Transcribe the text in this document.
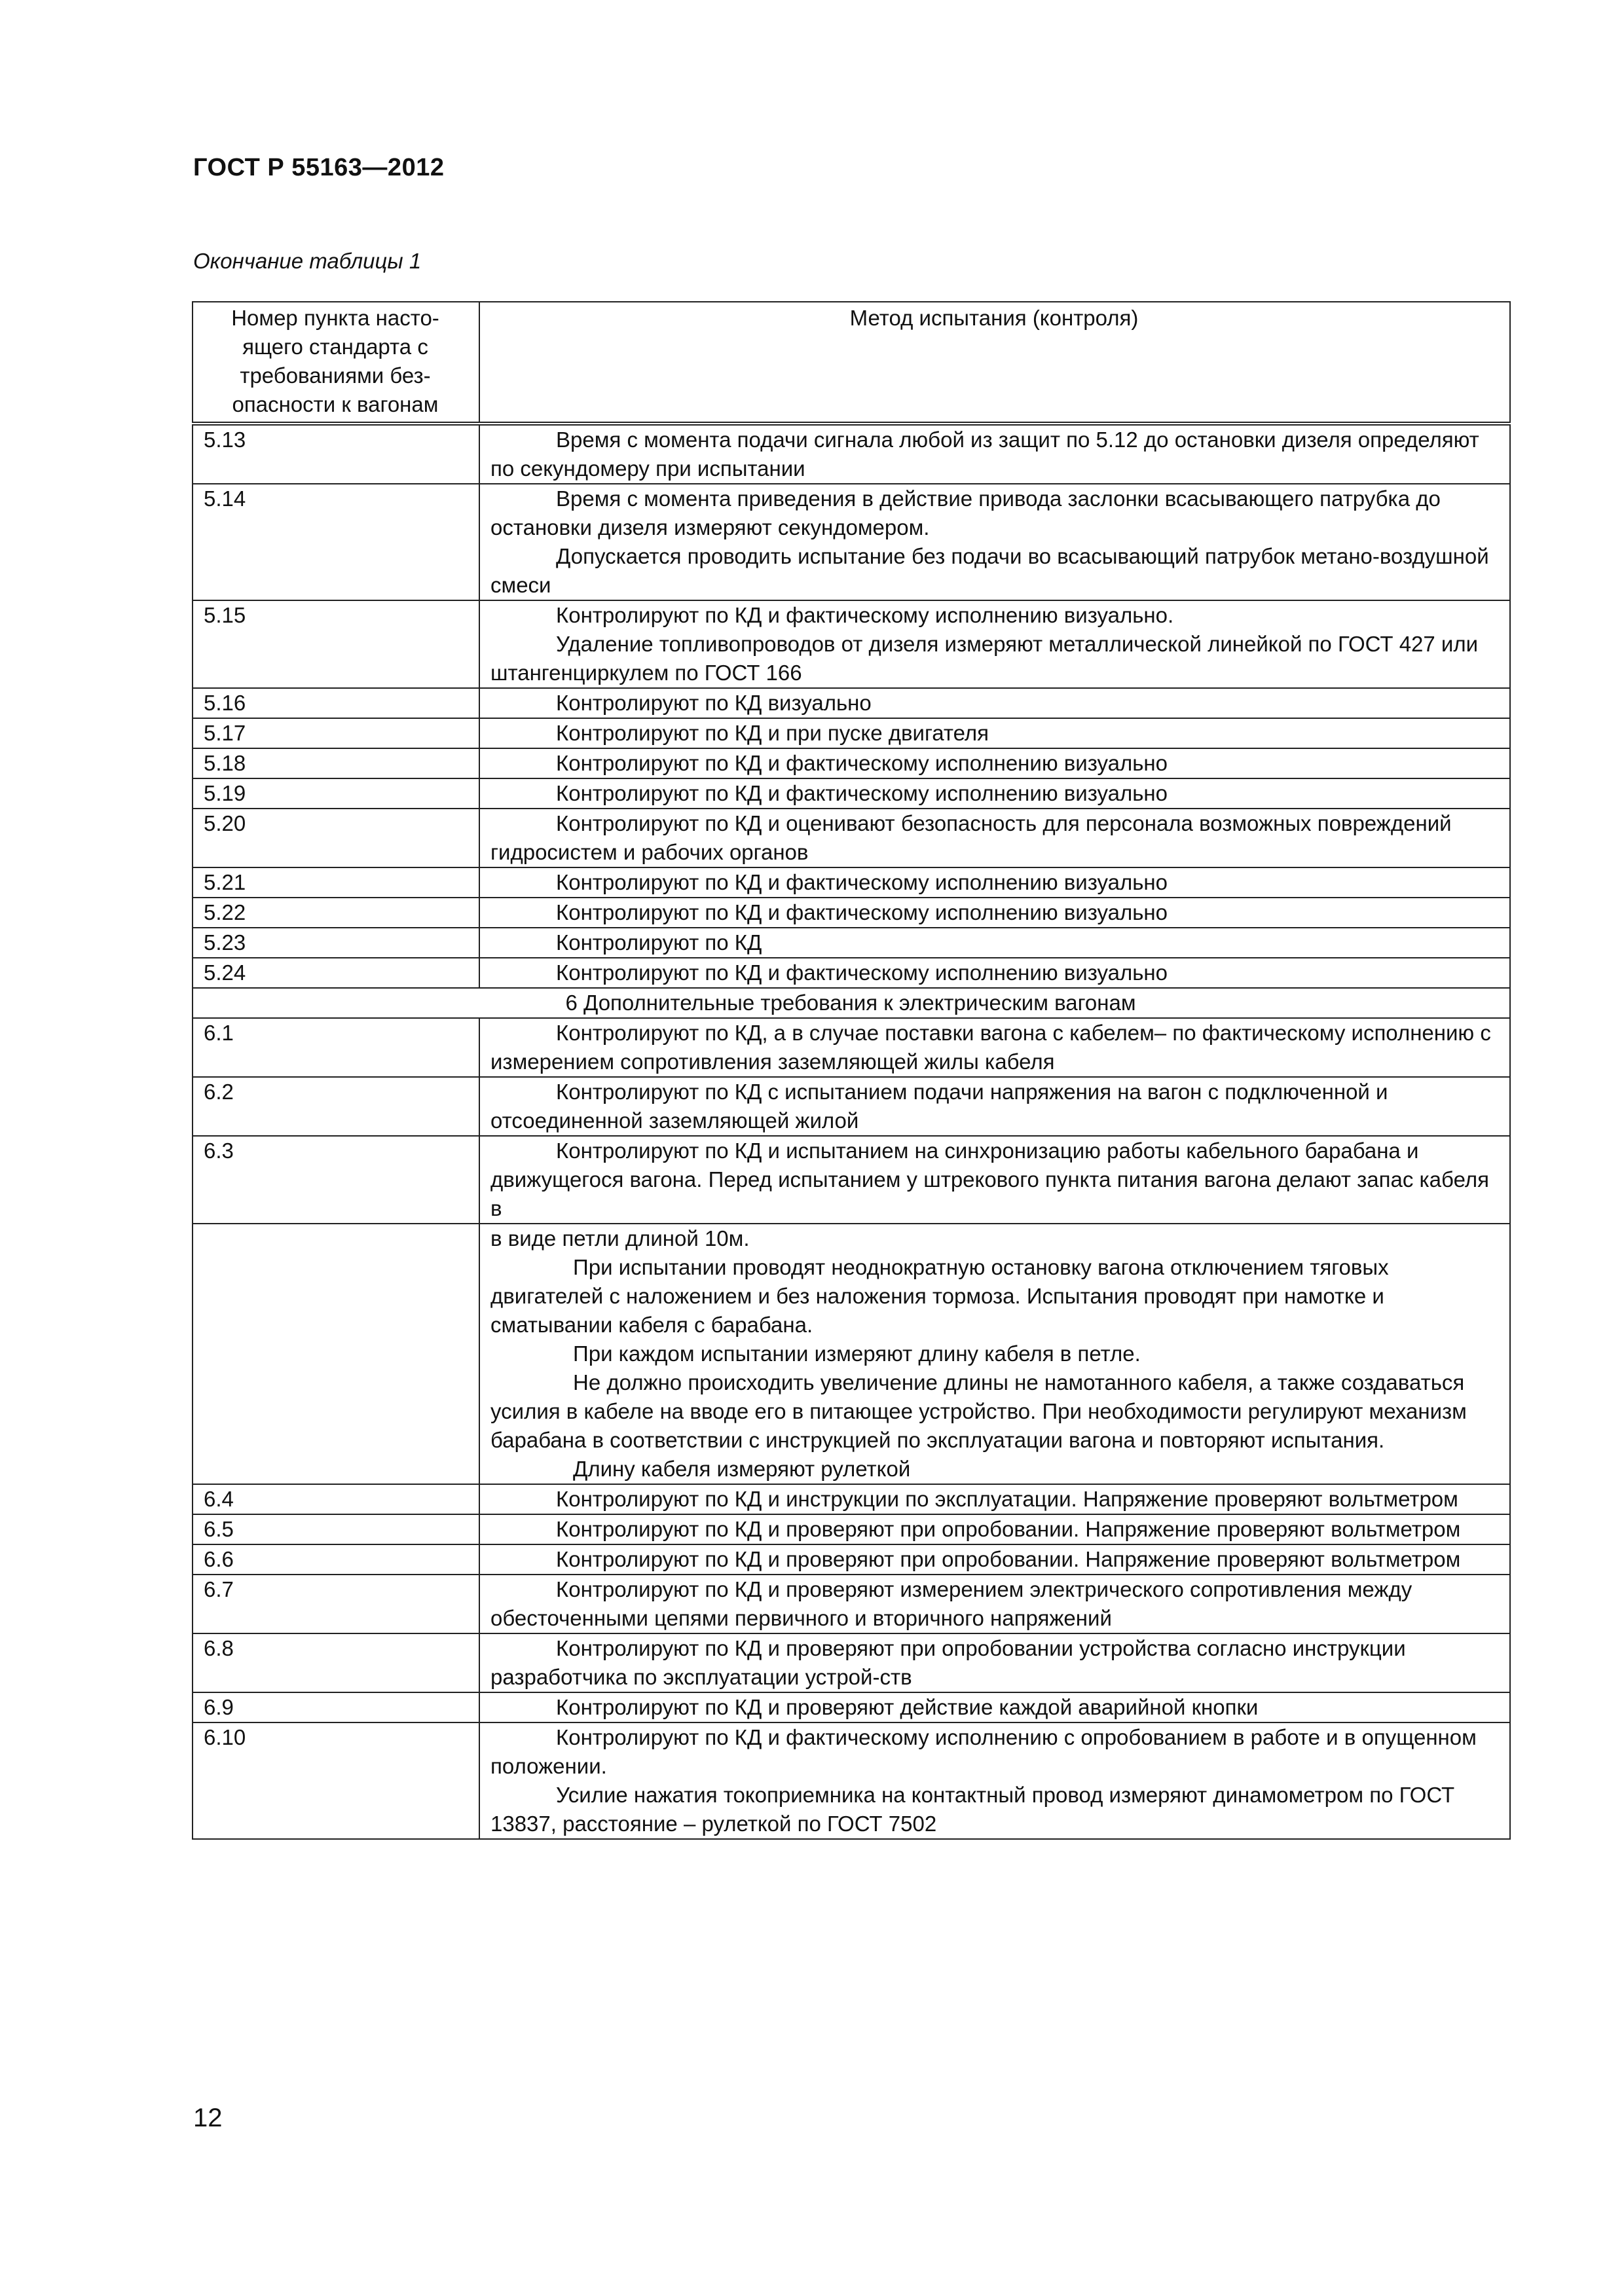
ГОСТ Р 55163—2012
Окончание таблицы 1
Номер пункта насто-
ящего стандарта с
требованиями без-
опасности к вагонам	Метод испытания (контроля)
5.13	Время с момента подачи сигнала любой из защит по 5.12 до остановки дизеля определяют по секундомеру при испытании

5.14	Время с момента приведения в действие привода заслонки всасывающего патрубка до остановки дизеля измеряют секундомером.
Допускается проводить испытание без подачи во всасывающий патрубок метано-воздушной смеси

5.15	Контролируют по КД и фактическому исполнению визуально.
Удаление топливопроводов от дизеля измеряют металлической линейкой по ГОСТ 427 или штангенциркулем по ГОСТ 166

5.16	Контролируют по КД визуально

5.17	Контролируют по КД и при пуске двигателя

5.18	Контролируют по КД и фактическому исполнению визуально

5.19	Контролируют по КД и фактическому исполнению визуально

5.20	Контролируют по КД и оценивают безопасность для персонала возможных повреждений гидросистем и рабочих органов

5.21	Контролируют по КД и фактическому исполнению визуально

5.22	Контролируют по КД и фактическому исполнению визуально

5.23	Контролируют по КД

5.24	Контролируют по КД и фактическому исполнению визуально

6 Дополнительные требования к электрическим вагонам	
6.1	Контролируют по КД, а в случае поставки вагона с кабелем– по фактическому исполнению с измерением сопротивления заземляющей жилы кабеля

6.2	Контролируют по КД с испытанием подачи напряжения на вагон с подключенной и отсоединенной заземляющей жилой

6.3	Контролируют по КД и испытанием на синхронизацию работы кабельного барабана и движущегося вагона. Перед испытанием у штрекового пункта питания вагона делают запас кабеля в

	в виде петли длиной 10м.
При испытании проводят неоднократную остановку вагона отключением тяговых двигателей с наложением и без наложения тормоза. Испытания проводят при намотке и сматывании кабеля с барабана.
При каждом испытании измеряют длину кабеля в петле.
Не должно происходить увеличение длины не намотанного кабеля, а также создаваться усилия в кабеле на вводе его в питающее устройство. При необходимости регулируют механизм барабана в соответствии с инструкцией по эксплуатации вагона и повторяют испытания.
Длину кабеля измеряют рулеткой

6.4	Контролируют по КД и инструкции по эксплуатации. Напряжение проверяют вольтметром

6.5	Контролируют по КД и проверяют при опробовании. Напряжение проверяют вольтметром

6.6	Контролируют по КД и проверяют при опробовании. Напряжение проверяют вольтметром

6.7	Контролируют по КД и проверяют измерением электрического сопротивления между обесточенными цепями первичного и вторичного напряжений

6.8	Контролируют по КД и проверяют при опробовании устройства согласно инструкции разработчика по эксплуатации устрой-ств

6.9	Контролируют по КД и проверяют действие каждой аварийной кнопки

6.10	Контролируют по КД и фактическому исполнению с опробованием в работе и в опущенном положении.
Усилие нажатия токоприемника на контактный провод измеряют динамометром по ГОСТ 13837, расстояние – рулеткой по ГОСТ 7502
12
